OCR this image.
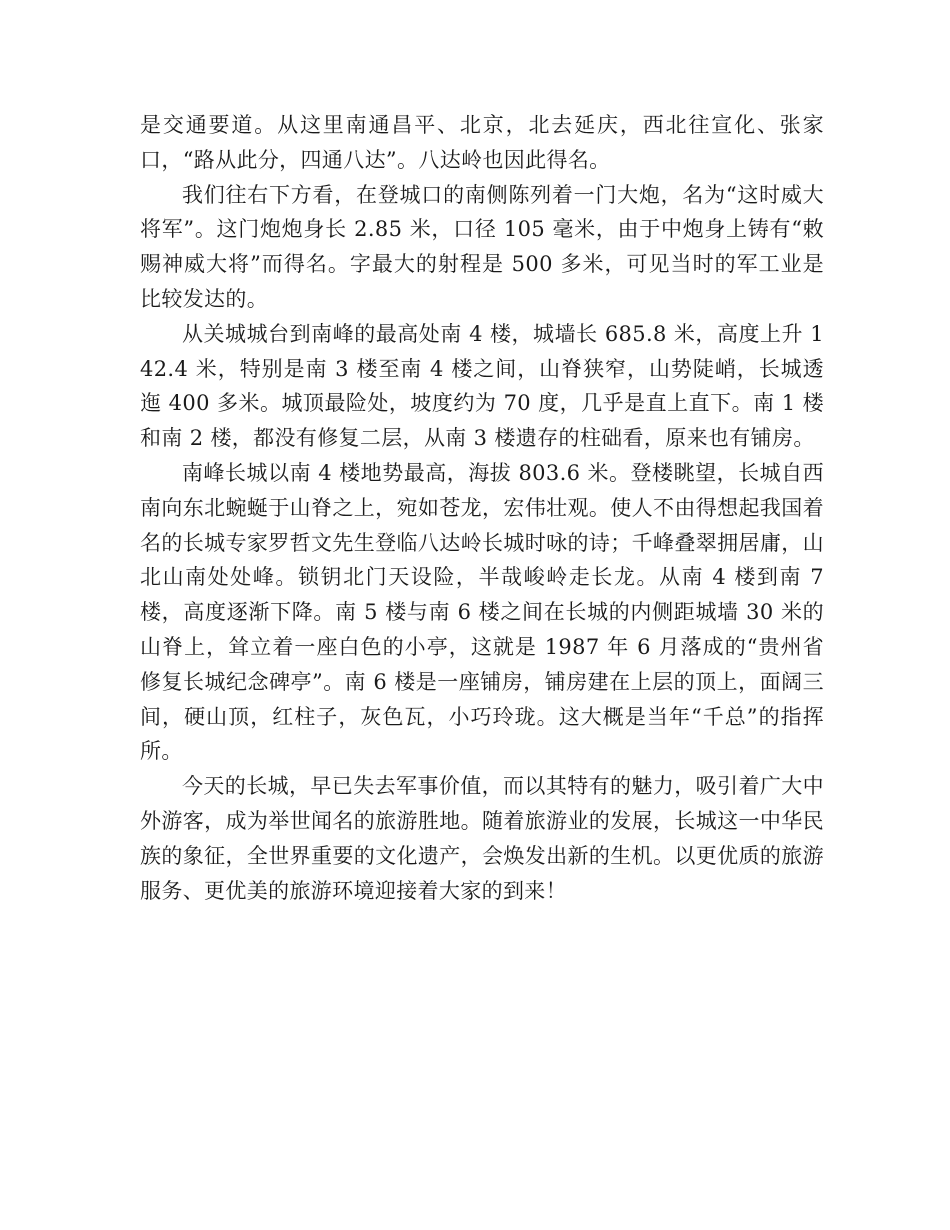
是交通要道。从这里南通昌平、北京，北去延庆，西北往宣化、张家口，“路从此分，四通八达”。八达岭也因此得名。

我们往右下方看，在登城口的南侧陈列着一门大炮，名为“这时威大将军”。这门炮炮身长 2.85 米，口径 105 毫米，由于中炮身上铸有“敕赐神威大将”而得名。字最大的射程是 500 多米，可见当时的军工业是比较发达的。

从关城城台到南峰的最高处南 4 楼，城墙长 685.8 米，高度上升 142.4 米，特别是南 3 楼至南 4 楼之间，山脊狭窄，山势陡峭，长城透迤 400 多米。城顶最险处，坡度约为 70 度，几乎是直上直下。南 1 楼和南 2 楼，都没有修复二层，从南 3 楼遗存的柱础看，原来也有铺房。

南峰长城以南 4 楼地势最高，海拔 803.6 米。登楼眺望，长城自西南向东北蜿蜒于山脊之上，宛如苍龙，宏伟壮观。使人不由得想起我国着名的长城专家罗哲文先生登临八达岭长城时咏的诗；千峰叠翠拥居庸，山北山南处处峰。锁钥北门天设险，半哉峻岭走长龙。从南 4 楼到南 7 楼，高度逐渐下降。南 5 楼与南 6 楼之间在长城的内侧距城墙 30 米的山脊上，耸立着一座白色的小亭，这就是 1987 年 6 月落成的“贵州省修复长城纪念碑亭”。南 6 楼是一座铺房，铺房建在上层的顶上，面阔三间，硬山顶，红柱子，灰色瓦，小巧玲珑。这大概是当年“千总”的指挥所。

今天的长城，早已失去军事价值，而以其特有的魅力，吸引着广大中外游客，成为举世闻名的旅游胜地。随着旅游业的发展，长城这一中华民族的象征，全世界重要的文化遗产，会焕发出新的生机。以更优质的旅游服务、更优美的旅游环境迎接着大家的到来！
